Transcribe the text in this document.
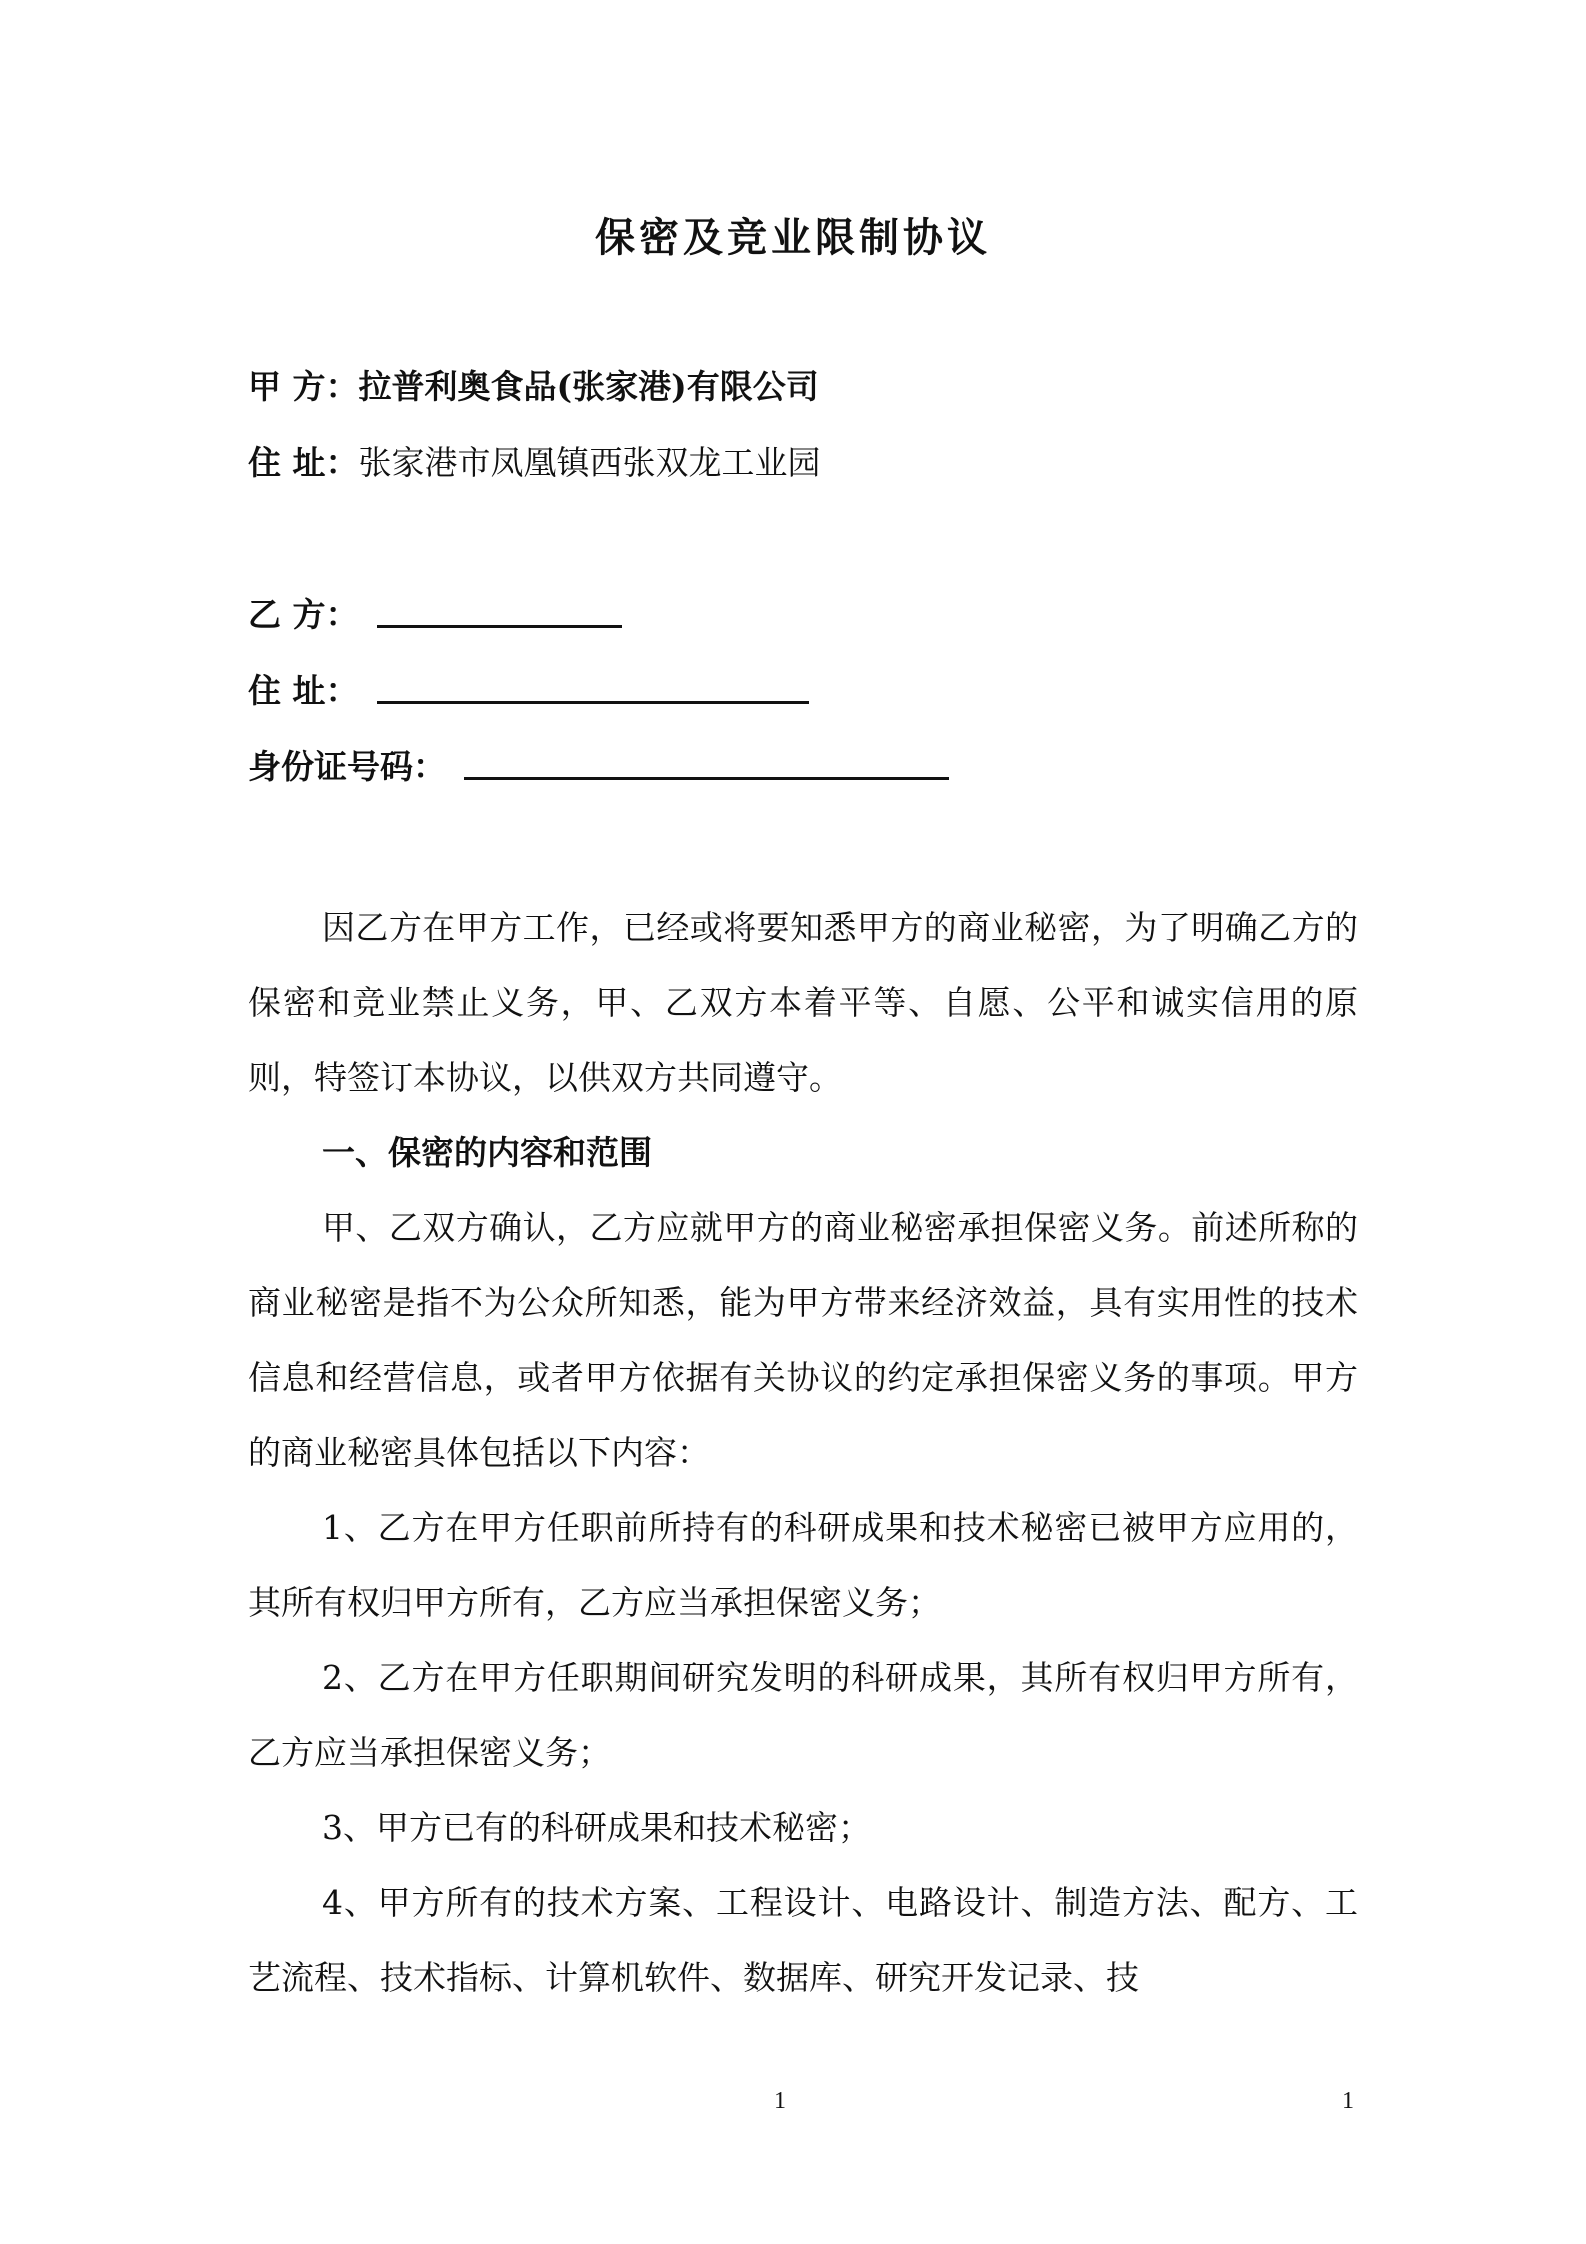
保密及竞业限制协议
甲 方： 拉普利奥食品(张家港)有限公司
住 址： 张家港市凤凰镇西张双龙工业园
乙 方：
住 址：
身份证号码：

因乙方在甲方工作，已经或将要知悉甲方的商业秘密，为了明确乙方的保密和竞业禁止义务，甲、乙双方本着平等、自愿、公平和诚实信用的原则，特签订本协议，以供双方共同遵守。

一、保密的内容和范围

甲、乙双方确认，乙方应就甲方的商业秘密承担保密义务。前述所称的商业秘密是指不为公众所知悉，能为甲方带来经济效益，具有实用性的技术信息和经营信息，或者甲方依据有关协议的约定承担保密义务的事项。甲方的商业秘密具体包括以下内容：

1、乙方在甲方任职前所持有的科研成果和技术秘密已被甲方应用的，其所有权归甲方所有，乙方应当承担保密义务；

2、乙方在甲方任职期间研究发明的科研成果，其所有权归甲方所有，乙方应当承担保密义务；

3、甲方已有的科研成果和技术秘密；

4、甲方所有的技术方案、工程设计、电路设计、制造方法、配方、工艺流程、技术指标、计算机软件、数据库、研究开发记录、技

1	1
